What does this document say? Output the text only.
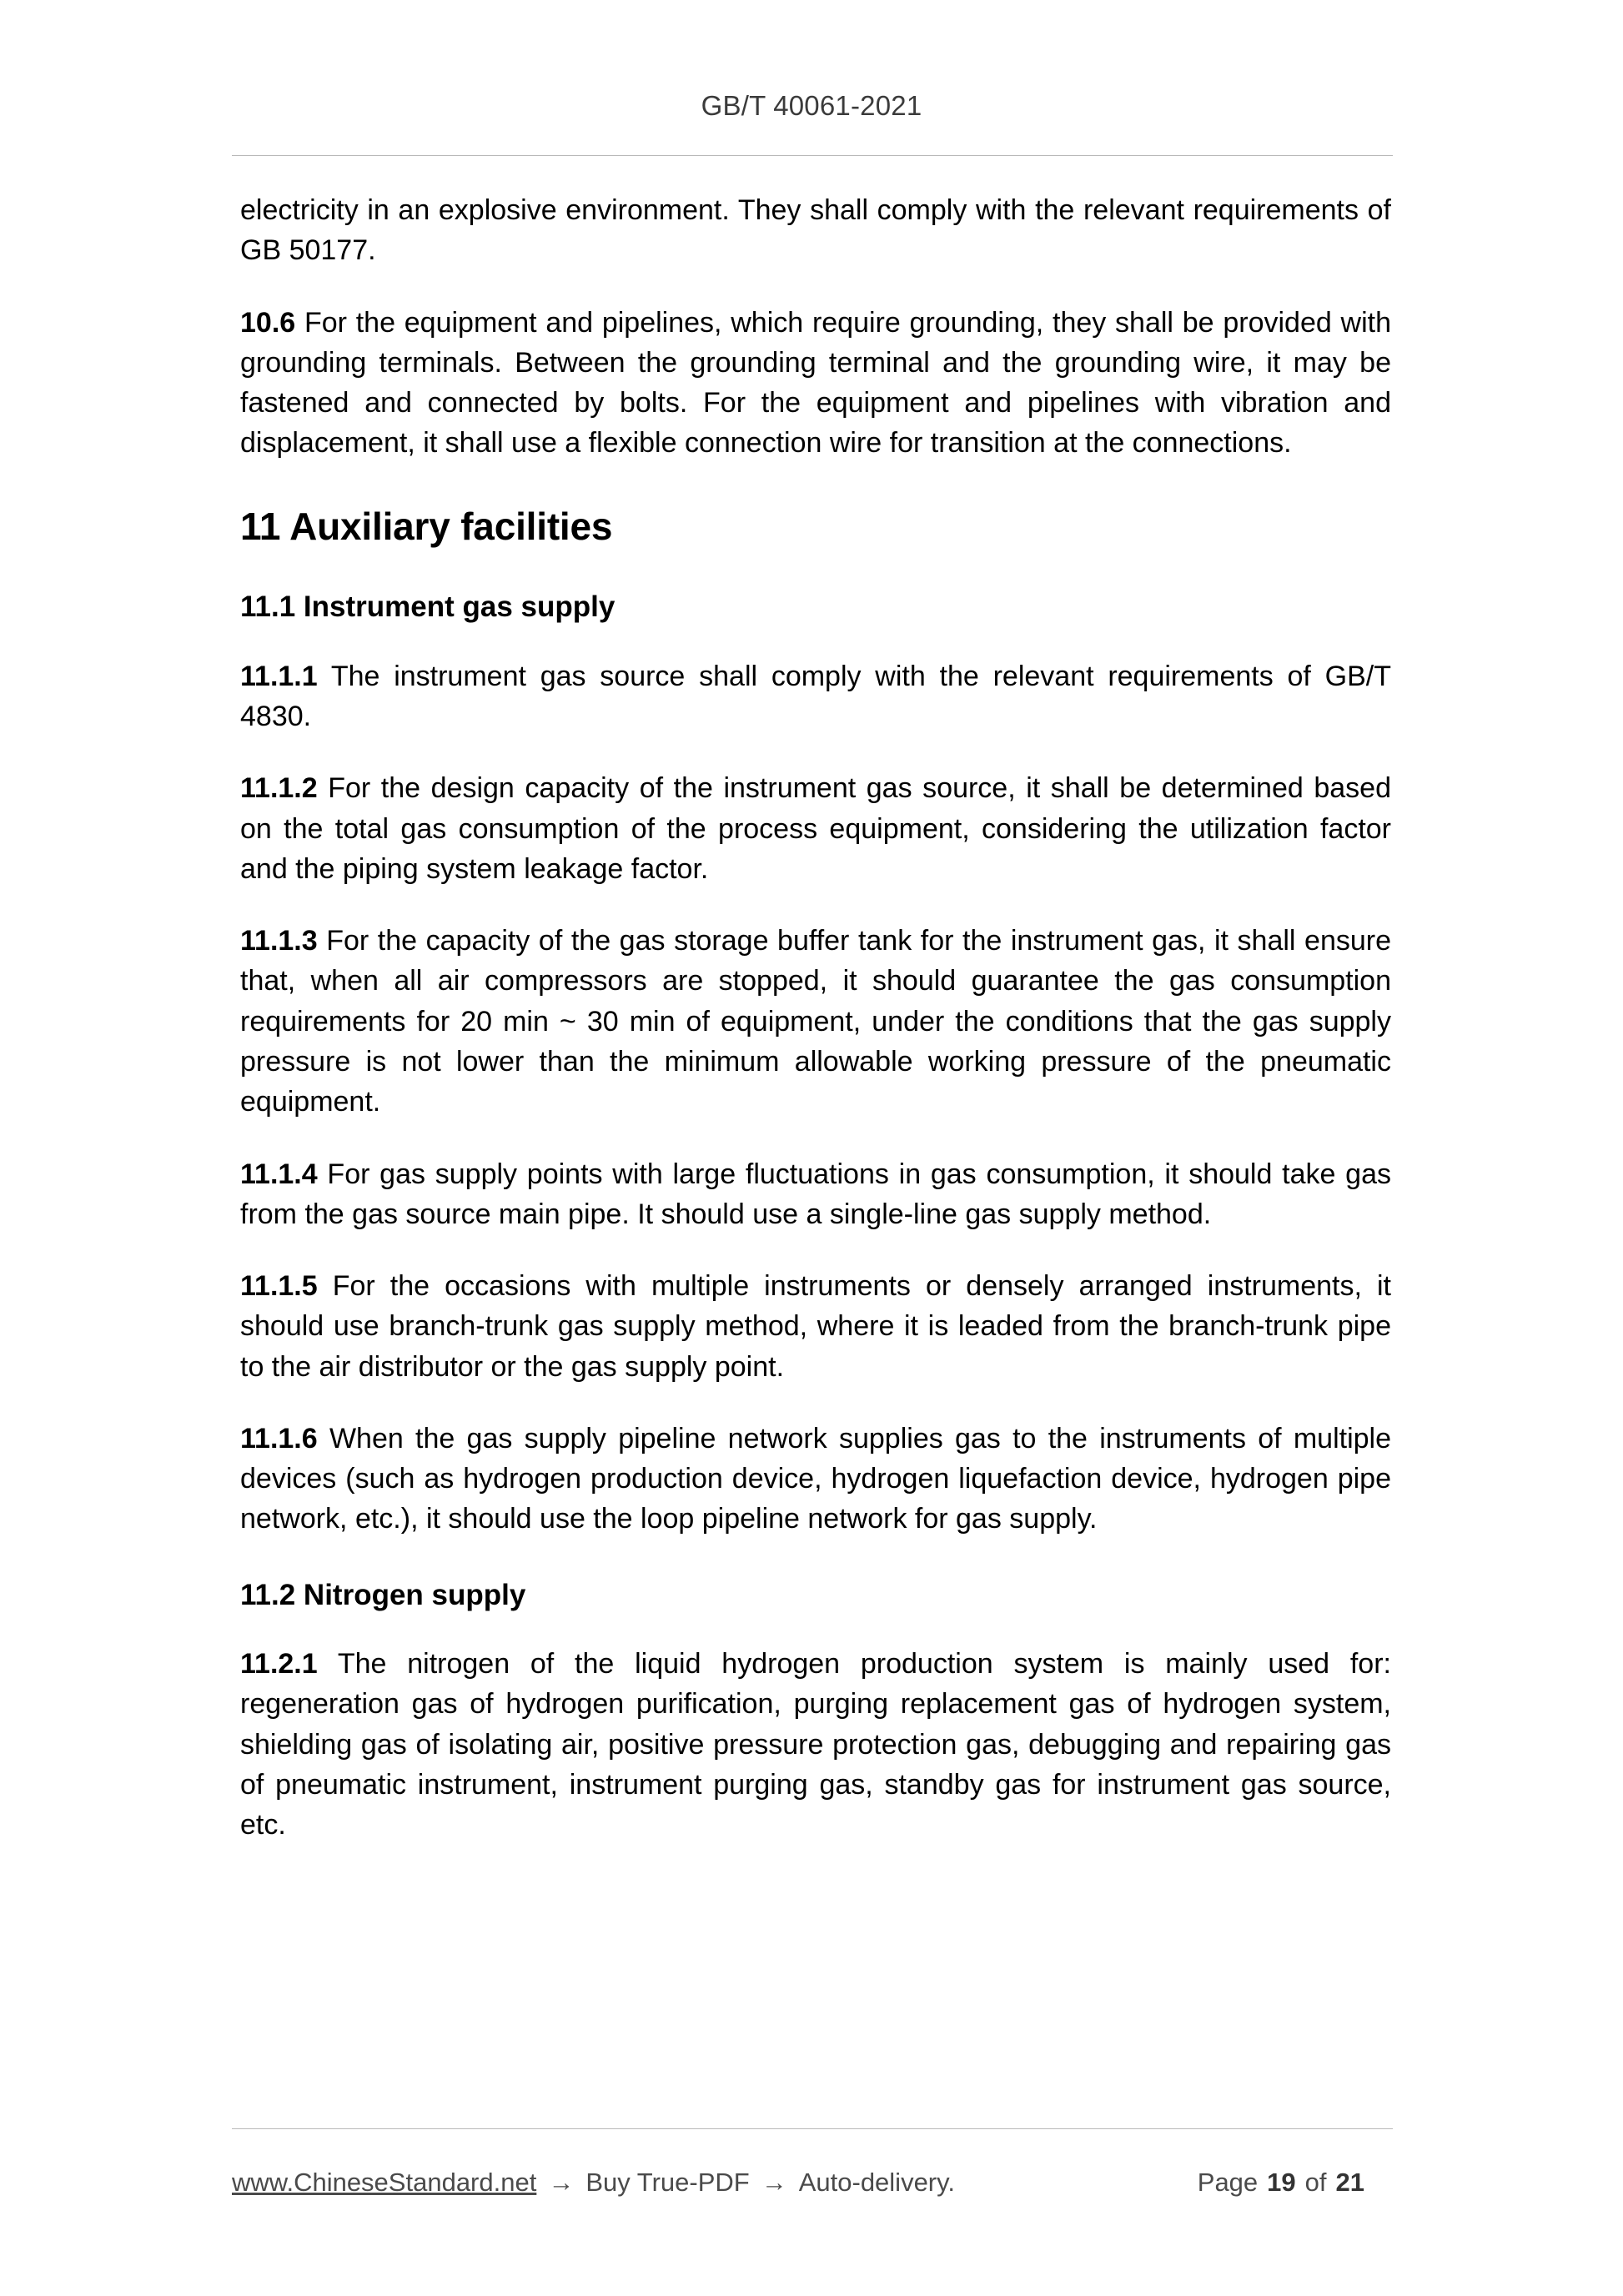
GB/T 40061-2021

electricity in an explosive environment. They shall comply with the relevant requirements of GB 50177.

10.6 For the equipment and pipelines, which require grounding, they shall be provided with grounding terminals. Between the grounding terminal and the grounding wire, it may be fastened and connected by bolts. For the equipment and pipelines with vibration and displacement, it shall use a flexible connection wire for transition at the connections.

11 Auxiliary facilities
11.1 Instrument gas supply

11.1.1 The instrument gas source shall comply with the relevant requirements of GB/T 4830.

11.1.2 For the design capacity of the instrument gas source, it shall be determined based on the total gas consumption of the process equipment, considering the utilization factor and the piping system leakage factor.

11.1.3 For the capacity of the gas storage buffer tank for the instrument gas, it shall ensure that, when all air compressors are stopped, it should guarantee the gas consumption requirements for 20 min ~ 30 min of equipment, under the conditions that the gas supply pressure is not lower than the minimum allowable working pressure of the pneumatic equipment.

11.1.4 For gas supply points with large fluctuations in gas consumption, it should take gas from the gas source main pipe. It should use a single-line gas supply method.

11.1.5 For the occasions with multiple instruments or densely arranged instruments, it should use branch-trunk gas supply method, where it is leaded from the branch-trunk pipe to the air distributor or the gas supply point.

11.1.6 When the gas supply pipeline network supplies gas to the instruments of multiple devices (such as hydrogen production device, hydrogen liquefaction device, hydrogen pipe network, etc.), it should use the loop pipeline network for gas supply.

11.2 Nitrogen supply

11.2.1 The nitrogen of the liquid hydrogen production system is mainly used for: regeneration gas of hydrogen purification, purging replacement gas of hydrogen system, shielding gas of isolating air, positive pressure protection gas, debugging and repairing gas of pneumatic instrument, instrument purging gas, standby gas for instrument gas source, etc.

www.ChineseStandard.net → Buy True-PDF → Auto-delivery.	Page 19 of 21
